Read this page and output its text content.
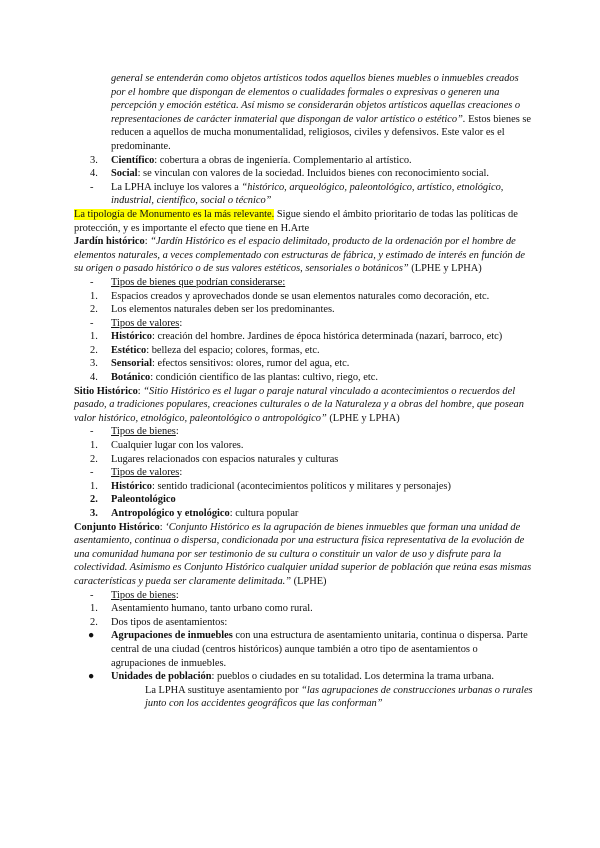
general se entenderán como objetos artísticos todos aquellos bienes muebles o inmuebles creados por el hombre que dispongan de elementos o cualidades formales o expresivas o generen una percepción y emoción estética. Así mismo se considerarán objetos artísticos aquellas creaciones o representaciones de carácter inmaterial que dispongan de valor artístico o estético”. Estos bienes se reducen a aquellos de mucha monumentalidad, religiosos, civiles y defensivos. Este valor es el predominante.

3. Científico: cobertura a obras de ingeniería. Complementario al artístico.
4. Social: se vinculan con valores de la sociedad. Incluidos bienes con reconocimiento social.
- La LPHA incluye los valores a “histórico, arqueológico, paleontológico, artístico, etnológico, industrial, científico, social o técnico”

La tipología de Monumento es la más relevante. Sigue siendo el ámbito prioritario de todas las políticas de protección, y es importante el efecto que tiene en H.Arte

Jardín histórico: “Jardín Histórico es el espacio delimitado, producto de la ordenación por el hombre de elementos naturales, a veces complementado con estructuras de fábrica, y estimado de interés en función de su origen o pasado histórico o de sus valores estéticos, sensoriales o botánicos” (LPHE y LPHA)

- Tipos de bienes que podrían considerarse:
1. Espacios creados y aprovechados donde se usan elementos naturales como decoración, etc.
2. Los elementos naturales deben ser los predominantes.
- Tipos de valores:
1. Histórico: creación del hombre. Jardines de época histórica determinada (nazarí, barroco, etc)
2. Estético: belleza del espacio; colores, formas, etc.
3. Sensorial: efectos sensitivos: olores, rumor del agua, etc.
4. Botánico: condición científico de las plantas: cultivo, riego, etc.

Sitio Histórico: “Sitio Histórico es el lugar o paraje natural vinculado a acontecimientos o recuerdos del pasado, a tradiciones populares, creaciones culturales o de la Naturaleza y a obras del hombre, que posean valor histórico, etnológico, paleontológico o antropológico” (LPHE y LPHA)

- Tipos de bienes:
1. Cualquier lugar con los valores.
2. Lugares relacionados con espacios naturales y culturas
- Tipos de valores:
1. Histórico: sentido tradicional (acontecimientos políticos y militares y personajes)
2. Paleontológico
3. Antropológico y etnológico: cultura popular

Conjunto Histórico: ‘Conjunto Histórico es la agrupación de bienes inmuebles que forman una unidad de asentamiento, continua o dispersa, condicionada por una estructura física representativa de la evolución de una comunidad humana por ser testimonio de su cultura o constituir un valor de uso y disfrute para la colectividad. Asimismo es Conjunto Histórico cualquier unidad superior de población que reúna esas mismas características y pueda ser claramente delimitada.” (LPHE)

- Tipos de bienes:
1. Asentamiento humano, tanto urbano como rural.
2. Dos tipos de asentamientos:
● Agrupaciones de inmuebles con una estructura de asentamiento unitaria, continua o dispersa. Parte central de una ciudad (centros históricos) aunque también a otro tipo de asentamientos o agrupaciones de inmuebles.
● Unidades de población: pueblos o ciudades en su totalidad. Los determina la trama urbana.

La LPHA sustituye asentamiento por “las agrupaciones de construcciones urbanas o rurales junto con los accidentes geográficos que las conforman”
